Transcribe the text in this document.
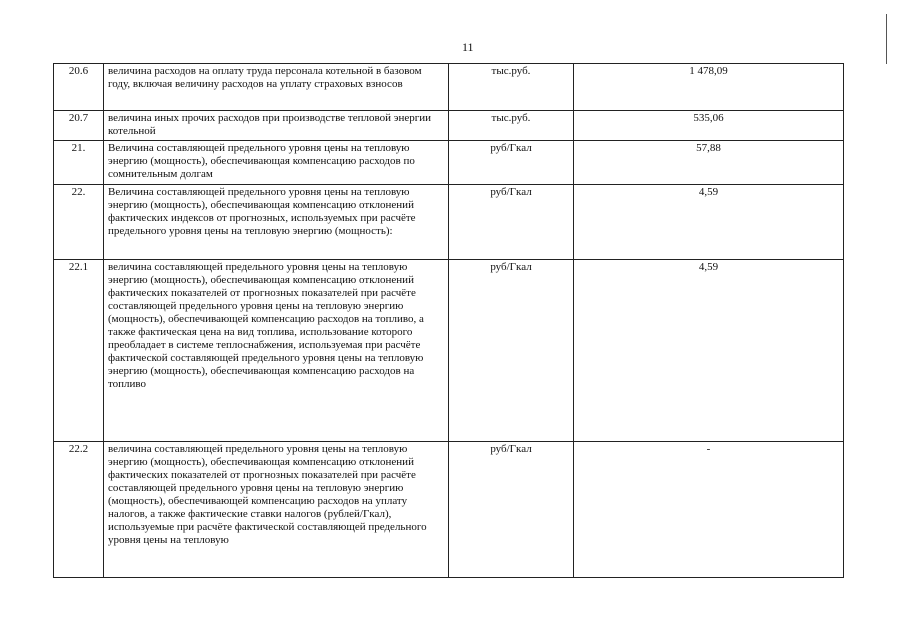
11
20.6	величина расходов на оплату труда персонала котельной в базовом году, включая величину расходов на уплату страховых взносов	тыс.руб.	1 478,09
20.7	величина иных прочих расходов при производстве тепловой энергии котельной	тыс.руб.	535,06
21.	Величина составляющей предельного уровня цены на тепловую энергию (мощность), обеспечивающая компенсацию расходов по сомнительным долгам	руб/Гкал	57,88
22.	Величина составляющей предельного уровня цены на тепловую энергию (мощность), обеспечивающая компенсацию отклонений фактических индексов от прогнозных, используемых при расчёте предельного уровня цены на тепловую энергию (мощность):	руб/Гкал	4,59
22.1	величина составляющей предельного уровня цены на тепловую энергию (мощность), обеспечивающая компенсацию отклонений фактических показателей от прогнозных показателей при расчёте составляющей предельного уровня цены на тепловую энергию (мощность), обеспечивающей компенсацию расходов на топливо, а также фактическая цена на вид топлива, использование которого преобладает в системе теплоснабжения, используемая при расчёте фактической составляющей предельного уровня цены на тепловую энергию (мощность), обеспечивающая компенсацию расходов на топливо	руб/Гкал	4,59
22.2	величина составляющей предельного уровня цены на тепловую энергию (мощность), обеспечивающая компенсацию отклонений фактических показателей от прогнозных показателей при расчёте составляющей предельного уровня цены на тепловую энергию (мощность), обеспечивающей компенсацию расходов на уплату налогов, а также фактические ставки налогов (рублей/Гкал), используемые при расчёте фактической составляющей предельного уровня цены на тепловую	руб/Гкал	-
